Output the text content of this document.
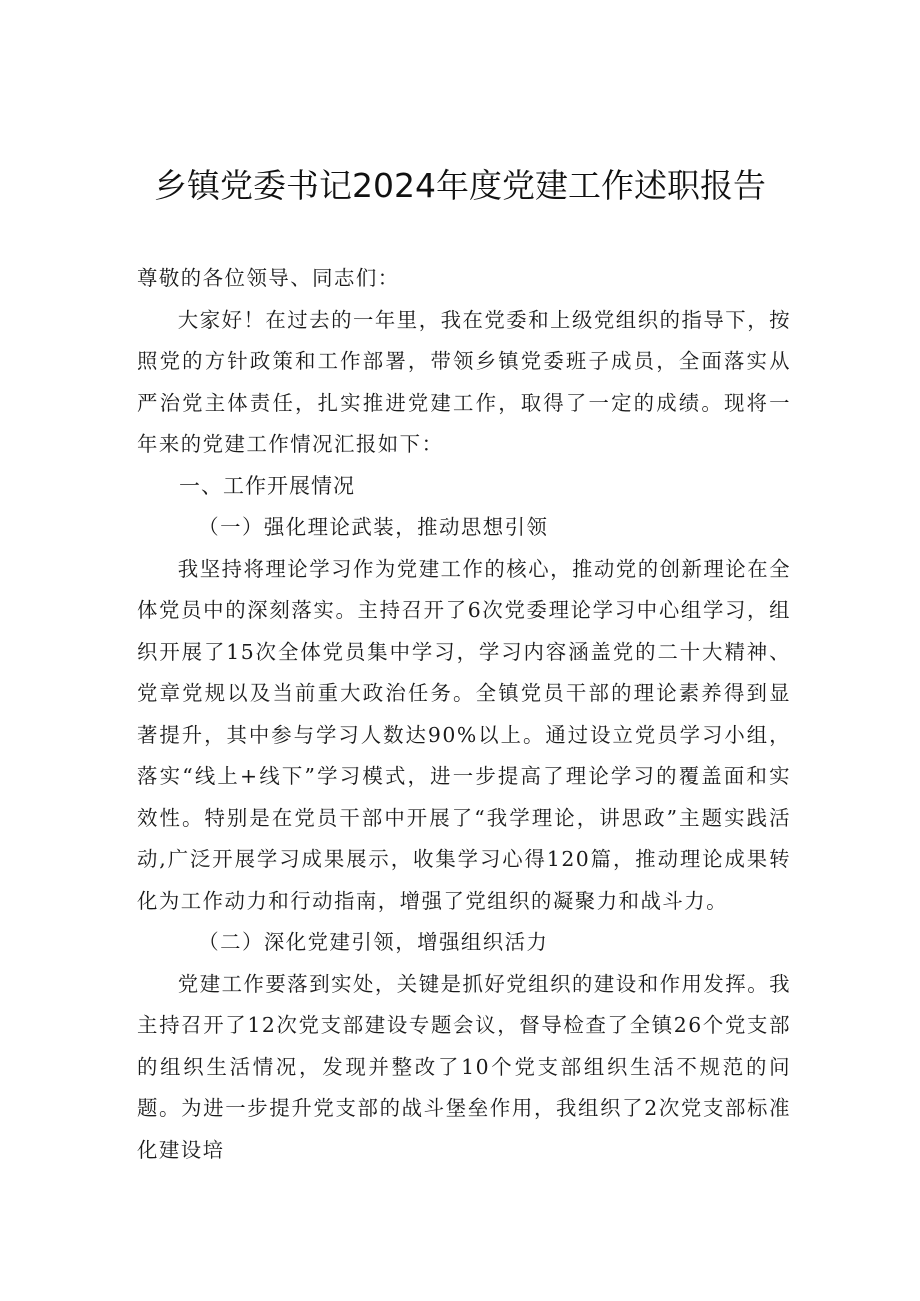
乡镇党委书记2024年度党建工作述职报告

尊敬的各位领导、同志们：

大家好！在过去的一年里，我在党委和上级党组织的指导下，按照党的方针政策和工作部署，带领乡镇党委班子成员，全面落实从严治党主体责任，扎实推进党建工作，取得了一定的成绩。现将一年来的党建工作情况汇报如下：

一、工作开展情况

（一）强化理论武装，推动思想引领

我坚持将理论学习作为党建工作的核心，推动党的创新理论在全体党员中的深刻落实。主持召开了6次党委理论学习中心组学习，组织开展了15次全体党员集中学习，学习内容涵盖党的二十大精神、党章党规以及当前重大政治任务。全镇党员干部的理论素养得到显著提升，其中参与学习人数达90%以上。通过设立党员学习小组，落实“线上+线下”学习模式，进一步提高了理论学习的覆盖面和实效性。特别是在党员干部中开展了“我学理论，讲思政”主题实践活动,广泛开展学习成果展示，收集学习心得120篇，推动理论成果转化为工作动力和行动指南，增强了党组织的凝聚力和战斗力。

（二）深化党建引领，增强组织活力

党建工作要落到实处，关键是抓好党组织的建设和作用发挥。我主持召开了12次党支部建设专题会议，督导检查了全镇26个党支部的组织生活情况，发现并整改了10个党支部组织生活不规范的问题。为进一步提升党支部的战斗堡垒作用，我组织了2次党支部标准化建设培
